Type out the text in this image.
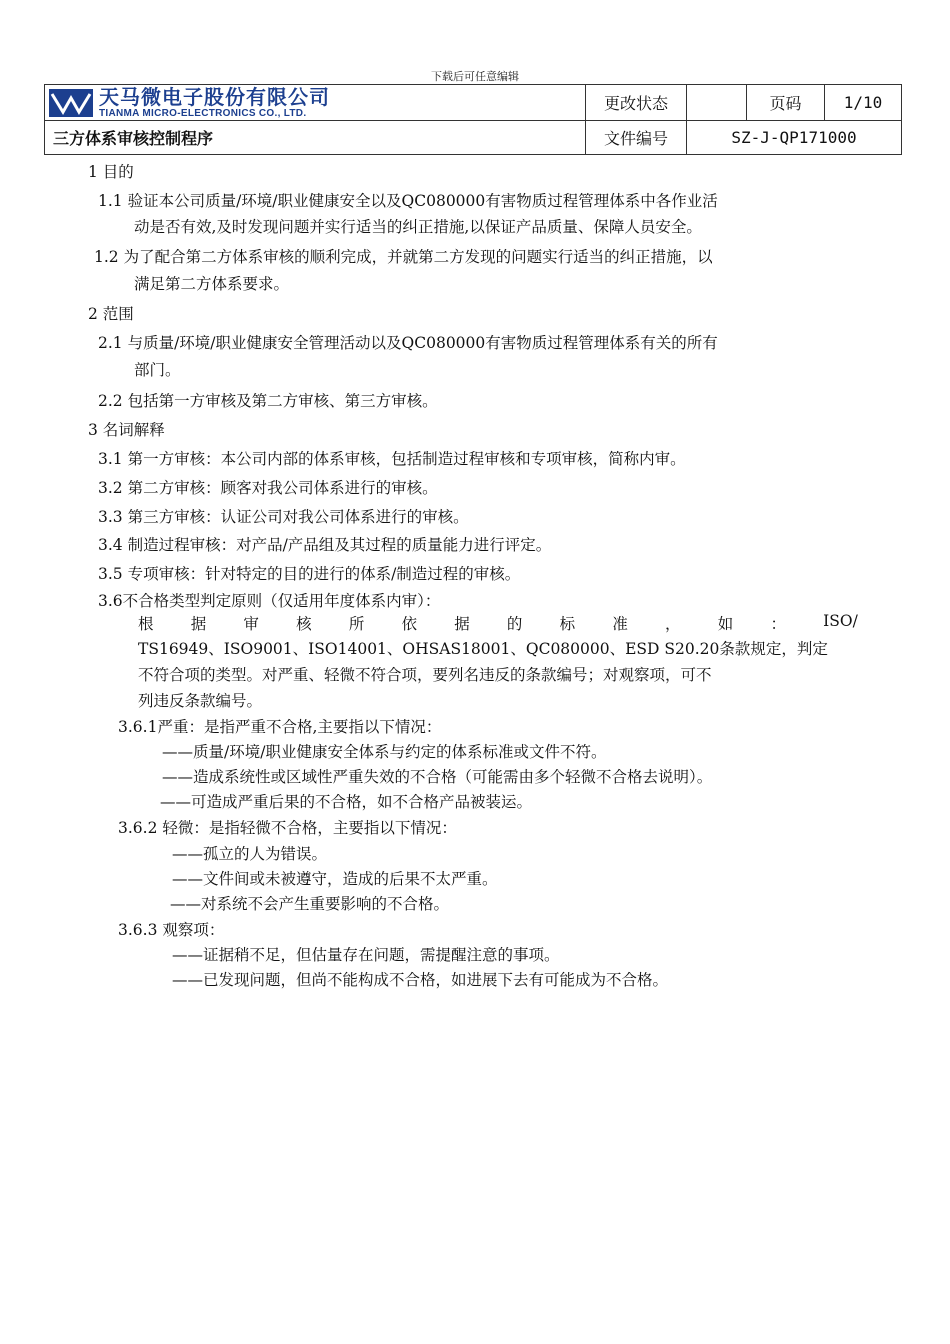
下载后可任意编辑
天马微电子股份有限公司
TIANMA MICRO-ELECTRONICS CO., LTD.	更改状态		页码	1/10
三方体系审核控制程序	文件编号	SZ-J-QP171000		
1 目的
1.1 验证本公司质量/环境/职业健康安全以及QC080000有害物质过程管理体系中各作业活
动是否有效,及时发现问题并实行适当的纠正措施,以保证产品质量、保障人员安全。
1.2 为了配合第二方体系审核的顺利完成，并就第二方发现的问题实行适当的纠正措施，以
满足第二方体系要求。
2 范围
2.1 与质量/环境/职业健康安全管理活动以及QC080000有害物质过程管理体系有关的所有
部门。
2.2 包括第一方审核及第二方审核、第三方审核。
3 名词解释
3.1 第一方审核：本公司内部的体系审核，包括制造过程审核和专项审核，简称内审。
3.2 第二方审核：顾客对我公司体系进行的审核。
3.3 第三方审核：认证公司对我公司体系进行的审核。
3.4 制造过程审核：对产品/产品组及其过程的质量能力进行评定。
3.5 专项审核：针对特定的目的进行的体系/制造过程的审核。
3.6不合格类型判定原则（仅适用年度体系内审）：
根 据 审 核 所 依 据 的 标 准 ， 如 ： ISO/
TS16949、ISO9001、ISO14001、OHSAS18001、QC080000、ESD S20.20条款规定，判定
不符合项的类型。对严重、轻微不符合项，要列名违反的条款编号；对观察项，可不
列违反条款编号。
3.6.1严重：是指严重不合格,主要指以下情况：
——质量/环境/职业健康安全体系与约定的体系标准或文件不符。
——造成系统性或区域性严重失效的不合格（可能需由多个轻微不合格去说明）。
——可造成严重后果的不合格，如不合格产品被装运。
3.6.2 轻微：是指轻微不合格，主要指以下情况：
——孤立的人为错误。
——文件间或未被遵守，造成的后果不太严重。
——对系统不会产生重要影响的不合格。
3.6.3 观察项：
——证据稍不足，但估量存在问题，需提醒注意的事项。
——已发现问题，但尚不能构成不合格，如进展下去有可能成为不合格。
